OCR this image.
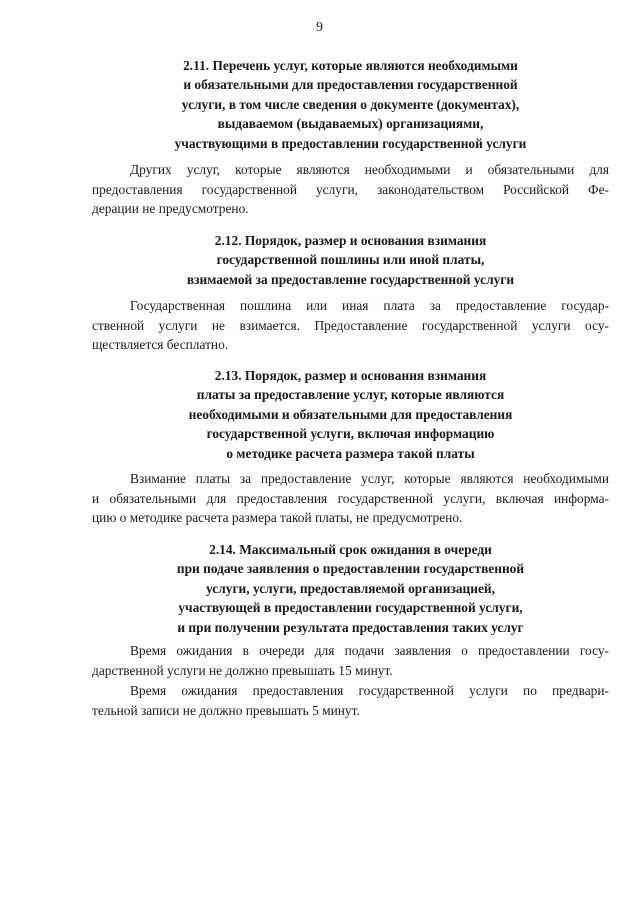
9
2.11. Перечень услуг, которые являются необходимыми
и обязательными для предоставления государственной
услуги, в том числе сведения о документе (документах),
выдаваемом (выдаваемых) организациями,
участвующими в предоставлении государственной услуги
Других услуг, которые являются необходимыми и обязательными для
предоставления государственной услуги, законодательством Российской Фе-
дерации не предусмотрено.
2.12. Порядок, размер и основания взимания
государственной пошлины или иной платы,
взимаемой за предоставление государственной услуги
Государственная пошлина или иная плата за предоставление государ-
ственной услуги не взимается. Предоставление государственной услуги осу-
ществляется бесплатно.
2.13. Порядок, размер и основания взимания
платы за предоставление услуг, которые являются
необходимыми и обязательными для предоставления
государственной услуги, включая информацию
о методике расчета размера такой платы
Взимание платы за предоставление услуг, которые являются необходимыми
и обязательными для предоставления государственной услуги, включая информа-
цию о методике расчета размера такой платы, не предусмотрено.
2.14. Максимальный срок ожидания в очереди
при подаче заявления о предоставлении государственной
услуги, услуги, предоставляемой организацией,
участвующей в предоставлении государственной услуги,
и при получении результата предоставления таких услуг
Время ожидания в очереди для подачи заявления о предоставлении госу-
дарственной услуги не должно превышать 15 минут.
Время ожидания предоставления государственной услуги по предвари-
тельной записи не должно превышать 5 минут.
